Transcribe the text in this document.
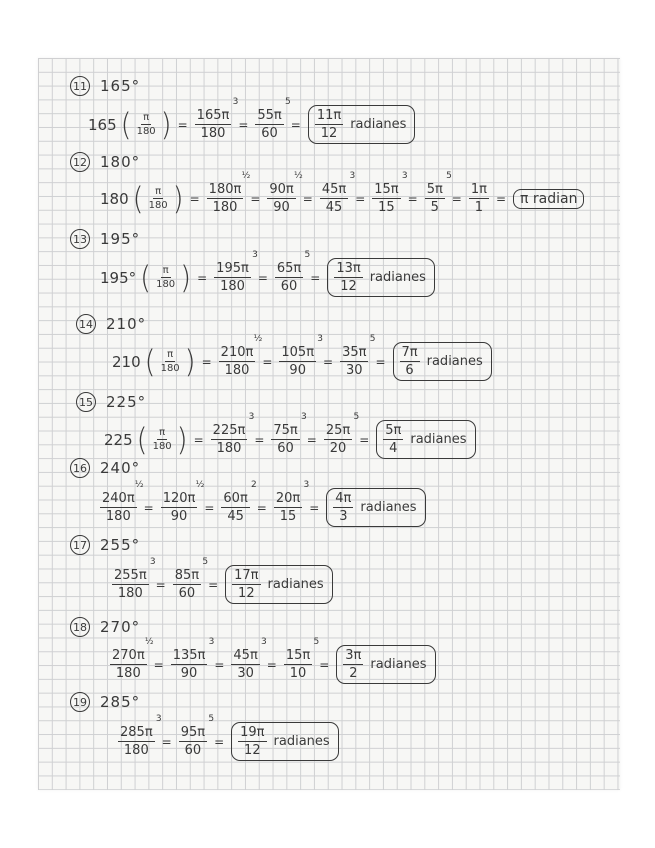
11 165°
165 ( $\frac{\pi}{180}$ ) =
165π
180
3
=
55π
60
5
= $\frac{11\pi}{12}$ radianes
12 180°
180 ( $\frac{\pi}{180}$ ) =
180π
180
½
=
90π
90
½
=
45π
45
3
=
15π
15
3
=
5π
5
5
= $\frac{1\pi}{1}$ =	π radian
13 195°
195° ( $\frac{\pi}{180}$ ) =
195π
180
3
=
65π
60
5
= $\frac{13\pi}{12}$ radianes
14 210°
210 ( $\frac{\pi}{180}$ ) =
210π
180
½
=
105π
90
3
=
35π
30
5
= $\frac{7\pi}{6}$ radianes
15 225°
225 ( $\frac{\pi}{180}$ ) =
225π
180
3
=
75π
60
3
=
25π
20
5
= $\frac{5\pi}{4}$ radianes
16 240°
240π
180
½
=
120π
90
½
=
60π
45
2
=
20π
15
3
= $\frac{4\pi}{3}$ radianes
17 255°
255π
180
3
=
85π
60
5
= $\frac{17\pi}{12}$ radianes
18 270°
270π
180
½
=
135π
90
3
=
45π
30
3
=
15π
10
5
= $\frac{3\pi}{2}$ radianes
19 285°
285π
180
3
=
95π
60
5
= $\frac{19\pi}{12}$ radianes
